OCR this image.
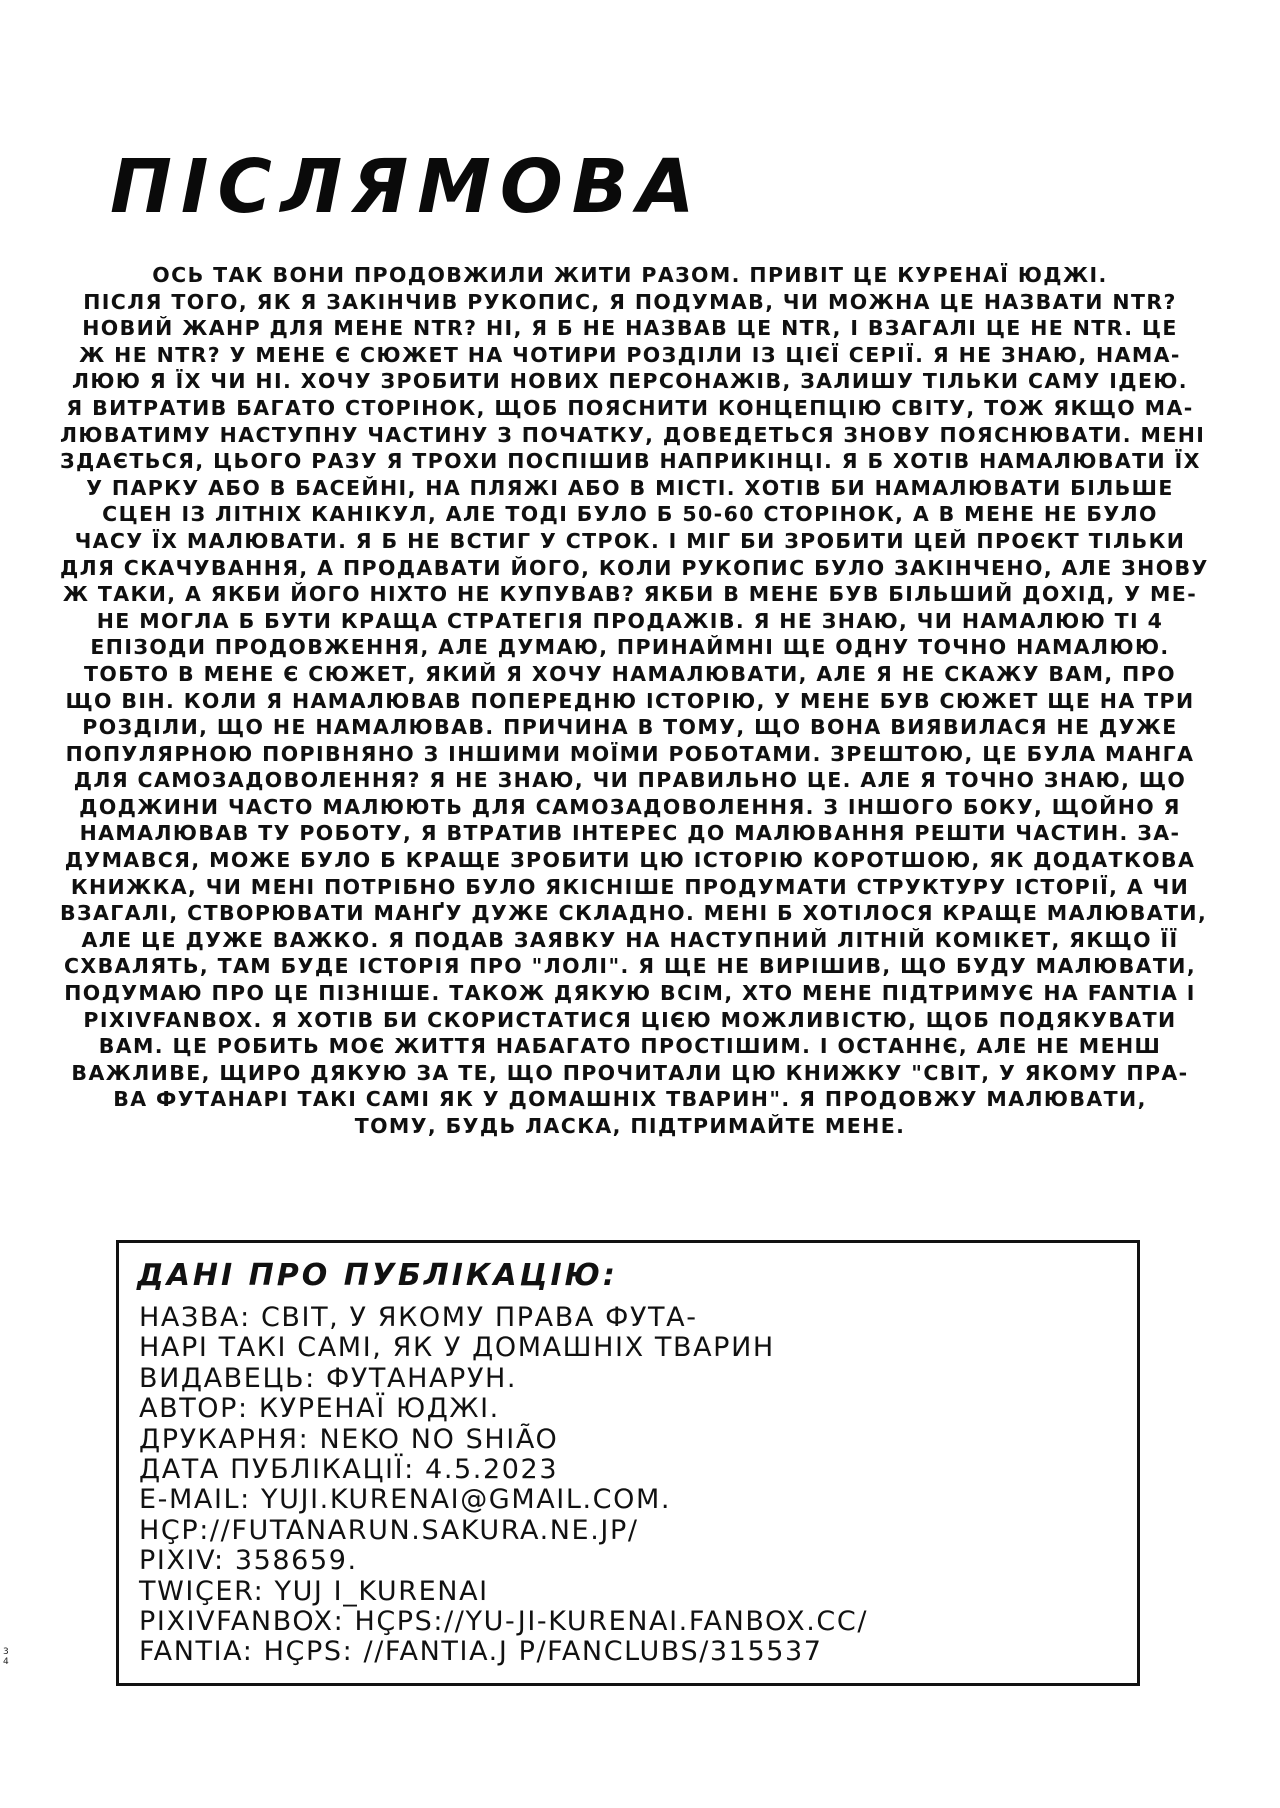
ПІСЛЯМОВА
ОСЬ ТАК ВОНИ ПРОДОВЖИЛИ ЖИТИ РАЗОМ. ПРИВІТ ЦЕ КУРЕНАЇ ЮДЖІ.
ПІСЛЯ ТОГО, ЯК Я ЗАКІНЧИВ РУКОПИС, Я ПОДУМАВ, ЧИ МОЖНА ЦЕ НАЗВАТИ NTR?
НОВИЙ ЖАНР ДЛЯ МЕНЕ NTR? НІ, Я Б НЕ НАЗВАВ ЦЕ NTR, І ВЗАГАЛІ ЦЕ НЕ NTR. ЦЕ
Ж НЕ NTR? У МЕНЕ Є СЮЖЕТ НА ЧОТИРИ РОЗДІЛИ ІЗ ЦІЄЇ СЕРІЇ. Я НЕ ЗНАЮ, НАМА-
ЛЮЮ Я ЇХ ЧИ НІ. ХОЧУ ЗРОБИТИ НОВИХ ПЕРСОНАЖІВ, ЗАЛИШУ ТІЛЬКИ САМУ ІДЕЮ.
Я ВИТРАТИВ БАГАТО СТОРІНОК, ЩОБ ПОЯСНИТИ КОНЦЕПЦІЮ СВІТУ, ТОЖ ЯКЩО МА-
ЛЮВАТИМУ НАСТУПНУ ЧАСТИНУ З ПОЧАТКУ, ДОВЕДЕТЬСЯ ЗНОВУ ПОЯСНЮВАТИ. МЕНІ
ЗДАЄТЬСЯ, ЦЬОГО РАЗУ Я ТРОХИ ПОСПІШИВ НАПРИКІНЦІ. Я Б ХОТІВ НАМАЛЮВАТИ ЇХ
У ПАРКУ АБО В БАСЕЙНІ, НА ПЛЯЖІ АБО В МІСТІ. ХОТІВ БИ НАМАЛЮВАТИ БІЛЬШЕ
СЦЕН ІЗ ЛІТНІХ КАНІКУЛ, АЛЕ ТОДІ БУЛО Б 50-60 СТОРІНОК, А В МЕНЕ НЕ БУЛО
ЧАСУ ЇХ МАЛЮВАТИ. Я Б НЕ ВСТИГ У СТРОК. І МІГ БИ ЗРОБИТИ ЦЕЙ ПРОЄКТ ТІЛЬКИ
ДЛЯ СКАЧУВАННЯ, А ПРОДАВАТИ ЙОГО, КОЛИ РУКОПИС БУЛО ЗАКІНЧЕНО, АЛЕ ЗНОВУ
Ж ТАКИ, А ЯКБИ ЙОГО НІХТО НЕ КУПУВАВ? ЯКБИ В МЕНЕ БУВ БІЛЬШИЙ ДОХІД, У МЕ-
НЕ МОГЛА Б БУТИ КРАЩА СТРАТЕГІЯ ПРОДАЖІВ. Я НЕ ЗНАЮ, ЧИ НАМАЛЮЮ ТІ 4
ЕПІЗОДИ ПРОДОВЖЕННЯ, АЛЕ ДУМАЮ, ПРИНАЙМНІ ЩЕ ОДНУ ТОЧНО НАМАЛЮЮ.
ТОБТО В МЕНЕ Є СЮЖЕТ, ЯКИЙ Я ХОЧУ НАМАЛЮВАТИ, АЛЕ Я НЕ СКАЖУ ВАМ, ПРО
ЩО ВІН. КОЛИ Я НАМАЛЮВАВ ПОПЕРЕДНЮ ІСТОРІЮ, У МЕНЕ БУВ СЮЖЕТ ЩЕ НА ТРИ
РОЗДІЛИ, ЩО НЕ НАМАЛЮВАВ. ПРИЧИНА В ТОМУ, ЩО ВОНА ВИЯВИЛАСЯ НЕ ДУЖЕ
ПОПУЛЯРНОЮ ПОРІВНЯНО З ІНШИМИ МОЇМИ РОБОТАМИ. ЗРЕШТОЮ, ЦЕ БУЛА МАНГА
ДЛЯ САМОЗАДОВОЛЕННЯ? Я НЕ ЗНАЮ, ЧИ ПРАВИЛЬНО ЦЕ. АЛЕ Я ТОЧНО ЗНАЮ, ЩО
ДОДЖИНИ ЧАСТО МАЛЮЮТЬ ДЛЯ САМОЗАДОВОЛЕННЯ. З ІНШОГО БОКУ, ЩОЙНО Я
НАМАЛЮВАВ ТУ РОБОТУ, Я ВТРАТИВ ІНТЕРЕС ДО МАЛЮВАННЯ РЕШТИ ЧАСТИН. ЗА-
ДУМАВСЯ, МОЖЕ БУЛО Б КРАЩЕ ЗРОБИТИ ЦЮ ІСТОРІЮ КОРОТШОЮ, ЯК ДОДАТКОВА
КНИЖКА, ЧИ МЕНІ ПОТРІБНО БУЛО ЯКІСНІШЕ ПРОДУМАТИ СТРУКТУРУ ІСТОРІЇ, А ЧИ
ВЗАГАЛІ, СТВОРЮВАТИ МАНҐУ ДУЖЕ СКЛАДНО. МЕНІ Б ХОТІЛОСЯ КРАЩЕ МАЛЮВАТИ,
АЛЕ ЦЕ ДУЖЕ ВАЖКО. Я ПОДАВ ЗАЯВКУ НА НАСТУПНИЙ ЛІТНІЙ КОМІКЕТ, ЯКЩО ЇЇ
СХВАЛЯТЬ, ТАМ БУДЕ ІСТОРІЯ ПРО "ЛОЛІ". Я ЩЕ НЕ ВИРІШИВ, ЩО БУДУ МАЛЮВАТИ,
ПОДУМАЮ ПРО ЦЕ ПІЗНІШЕ. ТАКОЖ ДЯКУЮ ВСІМ, ХТО МЕНЕ ПІДТРИМУЄ НА FANTIA І
PIXIVFANBOX. Я ХОТІВ БИ СКОРИСТАТИСЯ ЦІЄЮ МОЖЛИВІСТЮ, ЩОБ ПОДЯКУВАТИ
ВАМ. ЦЕ РОБИТЬ МОЄ ЖИТТЯ НАБАГАТО ПРОСТІШИМ. І ОСТАННЄ, АЛЕ НЕ МЕНШ
ВАЖЛИВЕ, ЩИРО ДЯКУЮ ЗА ТЕ, ЩО ПРОЧИТАЛИ ЦЮ КНИЖКУ "СВІТ, У ЯКОМУ ПРА-
ВА ФУТАНАРІ ТАКІ САМІ ЯК У ДОМАШНІХ ТВАРИН". Я ПРОДОВЖУ МАЛЮВАТИ,
ТОМУ, БУДЬ ЛАСКА, ПІДТРИМАЙТЕ МЕНЕ.
ДАНІ ПРО ПУБЛІКАЦІЮ:
НАЗВА: СВІТ, У ЯКОМУ ПРАВА ФУТА-
НАРІ ТАКІ САМІ, ЯК У ДОМАШНІХ ТВАРИН
ВИДАВЕЦЬ: ФУТАНАРУН.
АВТОР: КУРЕНАЇ ЮДЖІ.
ДРУКАРНЯ: NEKO NO SHIÃO
ДАТА ПУБЛІКАЦІЇ: 4.5.2023
E-MAIL: YUJI.KURENAI@GMAIL.COM.
HÇP://FUTANARUN.SAKURA.NE.JP/
PIXIV: 358659.
TWIÇER: YUJ I_KURENAI
PIXIVFANBOX: HÇPS://YU-JI-KURENAI.FANBOX.CC/
FANTIA: HÇPS: //FANTIA.J P/FANCLUBS/315537
34
